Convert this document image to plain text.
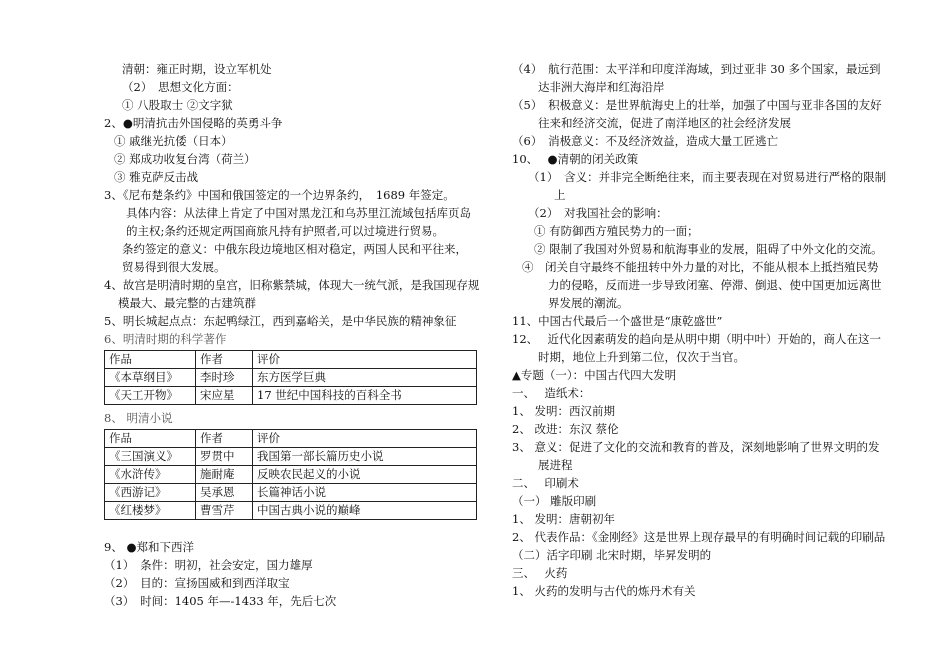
清朝：雍正时期，设立军机处
（2）　思想文化方面：
① 八股取士 ②文字狱
2、●明清抗击外国侵略的英勇斗争
① 戚继光抗倭（日本）
② 郑成功收复台湾（荷兰）
③ 雅克萨反击战
3、《尼布楚条约》中国和俄国签定的一个边界条约，　1689 年签定。
具体内容：从法律上肯定了中国对黑龙江和乌苏里江流域包括库页岛的主权;条约还规定两国商旅凡持有护照者,可以过境进行贸易。
条约签定的意义：中俄东段边境地区相对稳定，两国人民和平往来，贸易得到很大发展。
4、故宫是明清时期的皇宫，旧称紫禁城，体现大一统气派，是我国现存规模最大、最完整的古建筑群
5、明长城起点点：东起鸭绿江，西到嘉峪关，是中华民族的精神象征
6、明清时期的科学著作
作品	作者	评价
《本草纲目》	李时珍	东方医学巨典
《天工开物》	宋应星	17 世纪中国科技的百科全书
8、 明清小说
作品	作者	评价
《三国演义》	罗贯中	我国第一部长篇历史小说
《水浒传》	施耐庵	反映农民起义的小说
《西游记》	吴承恩	长篇神话小说
《红楼梦》	曹雪芹	中国古典小说的巅峰
9、 ●郑和下西洋
（1）　条件：明初，社会安定，国力雄厚
（2）　目的：宣扬国威和到西洋取宝
（3）　时间：1405 年—-1433 年，先后七次
（4）　航行范围：太平洋和印度洋海域，到过亚非 30 多个国家，最远到达非洲大海岸和红海沿岸
（5）　积极意义：是世界航海史上的壮举，加强了中国与亚非各国的友好往来和经济交流，促进了南洋地区的社会经济发展
（6）　消极意义：不及经济效益，造成大量工匠逃亡
10、　 ●清朝的闭关政策
（1）　含义：并非完全断绝往来，而主要表现在对贸易进行严格的限制上
（2）　对我国社会的影响：
① 有防御西方殖民势力的一面；
② 限制了我国对外贸易和航海事业的发展，阻碍了中外文化的交流。
④　闭关自守最终不能扭转中外力量的对比，不能从根本上抵挡殖民势力的侵略，反而进一步导致闭塞、停滞、倒退、使中国更加远离世界发展的潮流。
11、中国古代最后一个盛世是“康乾盛世”
12、　 近代化因素萌发的趋向是从明中期（明中叶）开始的，商人在这一时期，地位上升到第二位，仅次于当官。
▲专题（一）：中国古代四大发明
一、　 造纸术：
1、 发明：西汉前期
2、 改进：东汉 蔡伦
3、 意义：促进了文化的交流和教育的普及，深刻地影响了世界文明的发展进程
二、　 印刷术
（一） 雕版印刷
1、 发明：唐朝初年
2、 代表作品：《金刚经》这是世界上现存最早的有明确时间记载的印刷品
（二）活字印刷 北宋时期，毕昇发明的
三、　 火药
1、 火药的发明与古代的炼丹术有关
